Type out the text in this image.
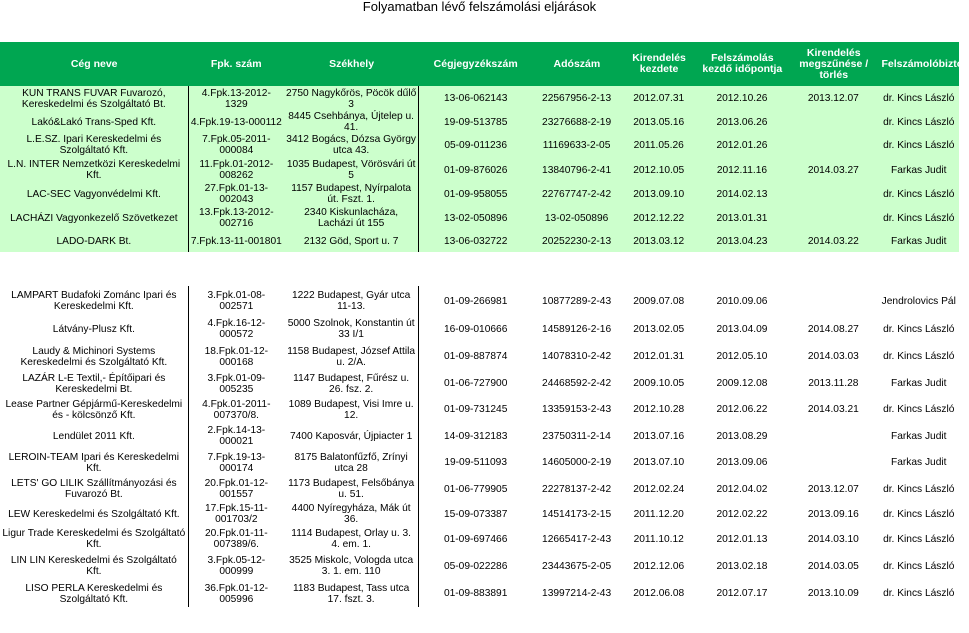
Folyamatban lévő felszámolási eljárások
Cég neve	Fpk. szám	Székhely	Cégjegyzékszám	Adószám	Kirendelés kezdete	Felszámolás kezdő időpontja	Kirendelés megszűnése / törlés	Felszámolóbiztos
KUN TRANS FUVAR Fuvarozó, Kereskedelmi és Szolgáltató Bt.	4.Fpk.13-2012-1329	2750 Nagykőrös, Pöcök dűlő 3	13-06-062143	22567956-2-13	2012.07.31	2012.10.26	2013.12.07	dr. Kincs László
Lakó&Lakó Trans-Sped Kft.	4.Fpk.19-13-000112	8445 Csehbánya, Újtelep u. 41.	19-09-513785	23276688-2-19	2013.05.16	2013.06.26		dr. Kincs László
L.E.SZ. Ipari Kereskedelmi és Szolgáltató Kft.	7.Fpk.05-2011-000084	3412 Bogács, Dózsa György utca 43.	05-09-011236	11169633-2-05	2011.05.26	2012.01.26		dr. Kincs László
L.N. INTER Nemzetközi Kereskedelmi Kft.	11.Fpk.01-2012-008262	1035 Budapest, Vörösvári út 5	01-09-876026	13840796-2-41	2012.10.05	2012.11.16	2014.03.27	Farkas Judit
LAC-SEC Vagyonvédelmi Kft.	27.Fpk.01-13-002043	1157 Budapest, Nyírpalota út. Fszt. 1.	01-09-958055	22767747-2-42	2013.09.10	2014.02.13		dr. Kincs László
LACHÁZI Vagyonkezelő Szövetkezet	13.Fpk.13-2012-002716	2340 Kiskunlacháza, Lacházi út 155	13-02-050896	13-02-050896	2012.12.22	2013.01.31		dr. Kincs László
LADO-DARK Bt.	7.Fpk.13-11-001801	2132 Göd, Sport u. 7	13-06-032722	20252230-2-13	2013.03.12	2013.04.23	2014.03.22	Farkas Judit
LAMPART Budafoki Zománc Ipari és Kereskedelmi Kft.	3.Fpk.01-08-002571	1222 Budapest, Gyár utca 11-13.	01-09-266981	10877289-2-43	2009.07.08	2010.09.06		Jendrolovics Pál
Látvány-Plusz Kft.	4.Fpk.16-12-000572	5000 Szolnok, Konstantin út 33 I/1	16-09-010666	14589126-2-16	2013.02.05	2013.04.09	2014.08.27	dr. Kincs László
Laudy & Michinori Systems Kereskedelmi és Szolgáltató Kft.	18.Fpk.01-12-000168	1158 Budapest, József Attila u. 2/A.	01-09-887874	14078310-2-42	2012.01.31	2012.05.10	2014.03.03	dr. Kincs László
LAZÁR L-E Textil,- Építőipari és Kereskedelmi Bt.	3.Fpk.01-09-005235	1147 Budapest, Fűrész u. 26. fsz. 2.	01-06-727900	24468592-2-42	2009.10.05	2009.12.08	2013.11.28	Farkas Judit
Lease Partner Gépjármű-Kereskedelmi és - kölcsönző Kft.	4.Fpk.01-2011-007370/8.	1089 Budapest, Visi Imre u. 12.	01-09-731245	13359153-2-43	2012.10.28	2012.06.22	2014.03.21	dr. Kincs László
Lendület 2011 Kft.	2.Fpk.14-13-000021	7400 Kaposvár, Újpiacter 1	14-09-312183	23750311-2-14	2013.07.16	2013.08.29		Farkas Judit
LEROIN-TEAM Ipari és Kereskedelmi Kft.	7.Fpk.19-13-000174	8175 Balatonfűzfő, Zrínyi utca 28	19-09-511093	14605000-2-19	2013.07.10	2013.09.06		Farkas Judit
LETS' GO LILIK Szállítmányozási és Fuvarozó Bt.	20.Fpk.01-12-001557	1173 Budapest, Felsőbánya u. 51.	01-06-779905	22278137-2-42	2012.02.24	2012.04.02	2013.12.07	dr. Kincs László
LEW Kereskedelmi és Szolgáltató Kft.	17.Fpk.15-11-001703/2	4400 Nyíregyháza, Mák út 36.	15-09-073387	14514173-2-15	2011.12.20	2012.02.22	2013.09.16	dr. Kincs László
Ligur Trade Kereskedelmi és Szolgáltató Kft.	20.Fpk.01-11-007389/6.	1114 Budapest, Orlay u. 3. 4. em. 1.	01-09-697466	12665417-2-43	2011.10.12	2012.01.13	2014.03.10	dr. Kincs László
LIN LIN Kereskedelmi és Szolgáltató Kft.	3.Fpk.05-12-000999	3525 Miskolc, Vologda utca 3. 1. em. 110	05-09-022286	23443675-2-05	2012.12.06	2013.02.18	2014.03.05	dr. Kincs László
LISO PERLA Kereskedelmi és Szolgáltató Kft.	36.Fpk.01-12-005996	1183 Budapest, Tass utca 17. fszt. 3.	01-09-883891	13997214-2-43	2012.06.08	2012.07.17	2013.10.09	dr. Kincs László
